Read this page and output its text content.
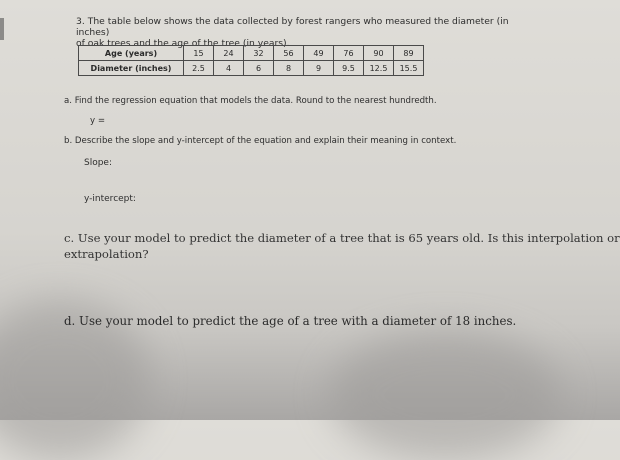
3. The table below shows the data collected by forest rangers who measured the diameter (in inches)
of oak trees and the age of the tree (in years).
Age (years)	15	24	32	56	49	76	90	89
Diameter (inches)	2.5	4	6	8	9	9.5	12.5	15.5
a. Find the regression equation that models the data. Round to the nearest hundredth.
y =
b. Describe the slope and y-intercept of the equation and explain their meaning in context.
Slope:
y-intercept:
c. Use your model to predict the diameter of a tree that is 65 years old. Is this interpolation or
extrapolation?
d. Use your model to predict the age of a tree with a diameter of 18 inches.
